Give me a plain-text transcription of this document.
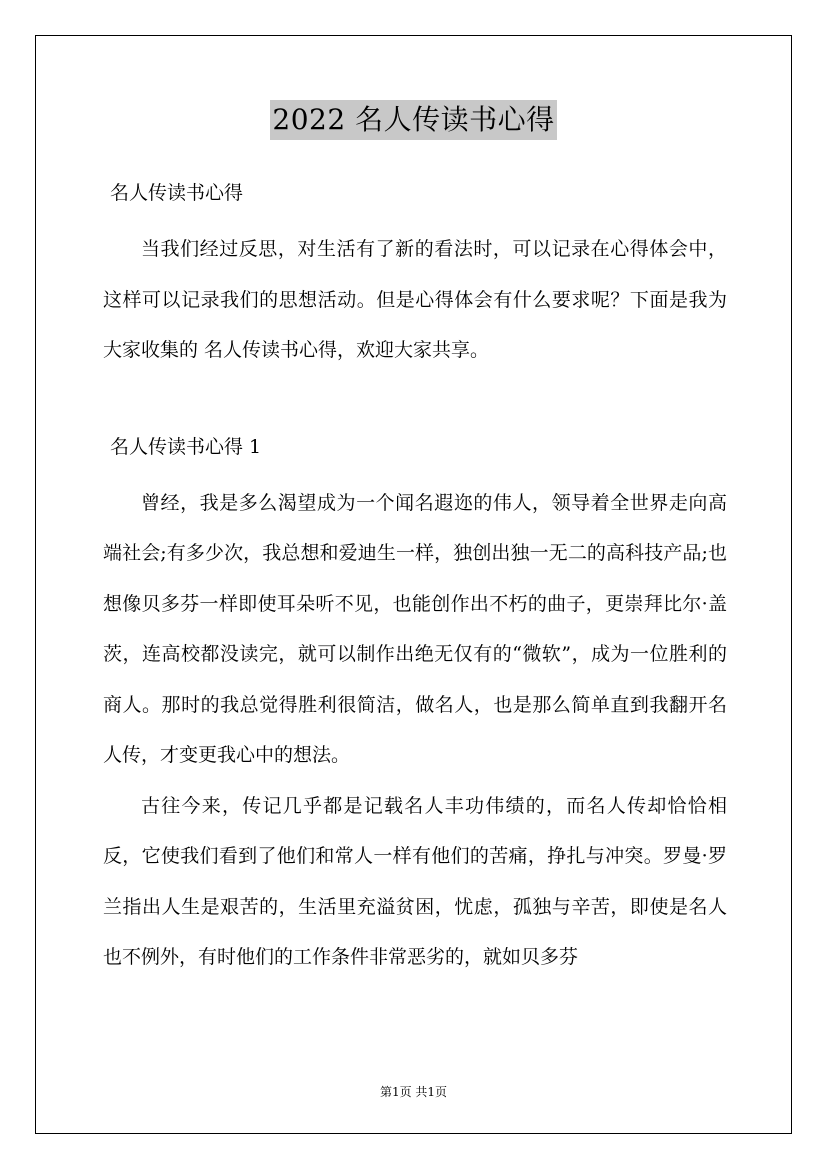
2022 名人传读书心得

名人传读书心得

当我们经过反思，对生活有了新的看法时，可以记录在心得体会中，这样可以记录我们的思想活动。但是心得体会有什么要求呢？下面是我为大家收集的 名人传读书心得，欢迎大家共享。

名人传读书心得 1

曾经，我是多么渴望成为一个闻名遐迩的伟人，领导着全世界走向高端社会;有多少次，我总想和爱迪生一样，独创出独一无二的高科技产品;也想像贝多芬一样即使耳朵听不见，也能创作出不朽的曲子，更崇拜比尔·盖茨，连高校都没读完，就可以制作出绝无仅有的“微软”，成为一位胜利的商人。那时的我总觉得胜利很简洁，做名人，也是那么简单直到我翻开名人传，才变更我心中的想法。

古往今来，传记几乎都是记载名人丰功伟绩的，而名人传却恰恰相反，它使我们看到了他们和常人一样有他们的苦痛，挣扎与冲突。罗曼·罗兰指出人生是艰苦的，生活里充溢贫困，忧虑，孤独与辛苦，即使是名人也不例外，有时他们的工作条件非常恶劣的，就如贝多芬

第1页 共1页
